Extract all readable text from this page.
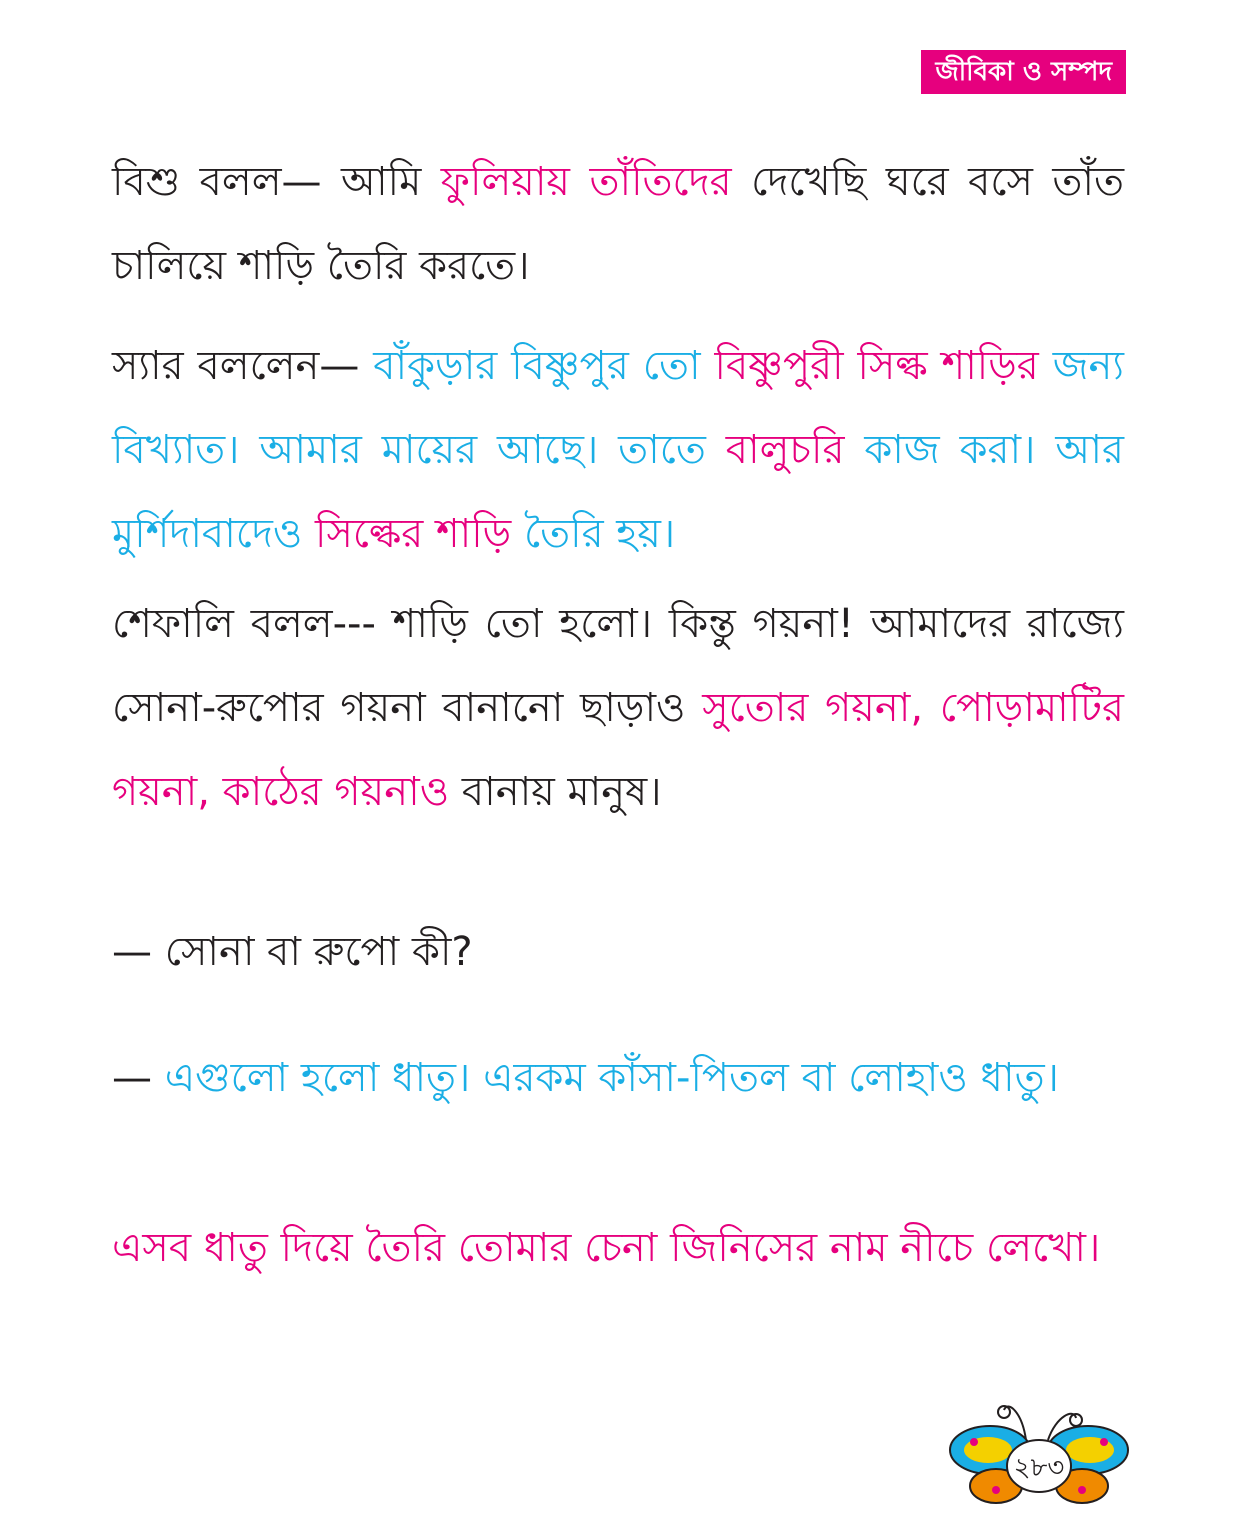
জীবিকা ও সম্পদ

বিশু বলল— আমি ফুলিয়ায় তাঁতিদের দেখেছি ঘরে বসে তাঁত চালিয়ে শাড়ি তৈরি করতে।

স্যার বললেন— বাঁকুড়ার বিষ্ণুপুর তো বিষ্ণুপুরী সিল্ক শাড়ির জন্য বিখ্যাত। আমার মায়ের আছে। তাতে বালুচরি কাজ করা। আর মুর্শিদাবাদেও সিল্কের শাড়ি তৈরি হয়।

শেফালি বলল--- শাড়ি তো হলো। কিন্তু গয়না! আমাদের রাজ্যে সোনা-রুপোর গয়না বানানো ছাড়াও সুতোর গয়না, পোড়ামাটির গয়না, কাঠের গয়নাও বানায় মানুষ।

— সোনা বা রুপো কী?

— এগুলো হলো ধাতু। এরকম কাঁসা-পিতল বা লোহাও ধাতু।

এসব ধাতু দিয়ে তৈরি তোমার চেনা জিনিসের নাম নীচে লেখো।

২৮৩
